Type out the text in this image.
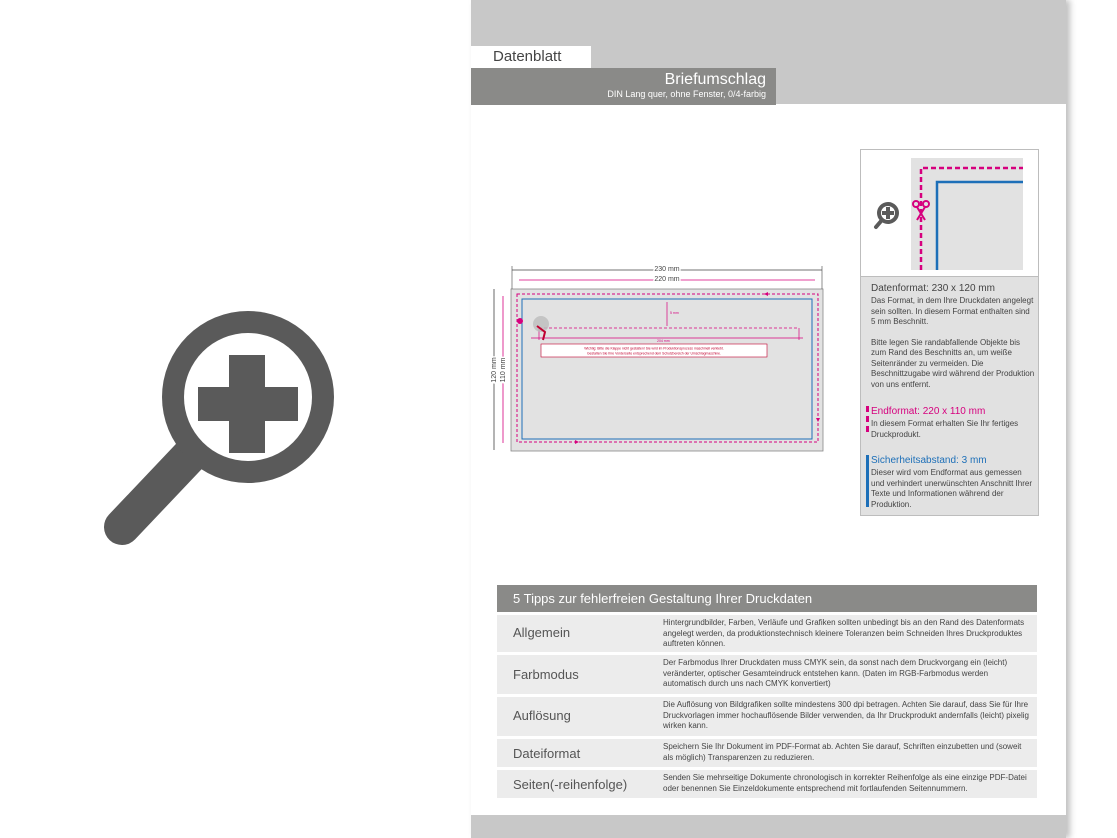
Datenblatt
Briefumschlag
DIN Lang quer, ohne Fenster, 0/4-farbig
230 mm
220 mm
120 mm 110 mm
5 mm
204 mm
Wichtig: Bitte die Klappe nicht gestalten! Sie wird im Produktionsprozess maschinell verklebt.
Gestalten Sie Ihre Vorderseite entsprechend dem Schutzbereich der Umschlagmaschine.
Datenformat: 230 x 120 mm
Das Format, in dem Ihre Druckdaten angelegt sein sollten. In diesem Format enthalten sind 5 mm Beschnitt.
Bitte legen Sie randabfallende Objekte bis zum Rand des Beschnitts an, um weiße Seitenränder zu vermeiden. Die Beschnittzugabe wird während der Produktion von uns entfernt.
Endformat: 220 x 110 mm
In diesem Format erhalten Sie Ihr fertiges Druckprodukt.
Sicherheitsabstand: 3 mm
Dieser wird vom Endformat aus gemessen und verhindert unerwünschten Anschnitt Ihrer Texte und Informationen während der Produktion.
5 Tipps zur fehlerfreien Gestaltung Ihrer Druckdaten
Allgemein
Hintergrundbilder, Farben, Verläufe und Grafiken sollten unbedingt bis an den Rand des Datenformats angelegt werden, da produktionstechnisch kleinere Toleranzen beim Schneiden Ihres Druckproduktes auftreten können.
Farbmodus
Der Farbmodus Ihrer Druckdaten muss CMYK sein, da sonst nach dem Druckvorgang ein (leicht) veränderter, optischer Gesamteindruck entstehen kann. (Daten im RGB-Farbmodus werden automatisch durch uns nach CMYK konvertiert)
Auflösung
Die Auflösung von Bildgrafiken sollte mindestens 300 dpi betragen. Achten Sie darauf, dass Sie für Ihre Druckvorlagen immer hochauflösende Bilder verwenden, da Ihr Druckprodukt andernfalls (leicht) pixelig wirken kann.
Dateiformat	Speichern Sie Ihr Dokument im PDF-Format ab. Achten Sie darauf, Schriften einzubetten und (soweit als möglich) Transparenzen zu reduzieren.
Seiten(-reihenfolge)	Senden Sie mehrseitige Dokumente chronologisch in korrekter Reihenfolge als eine einzige PDF-Datei oder benennen Sie Einzeldokumente entsprechend mit fortlaufenden Seitennummern.
